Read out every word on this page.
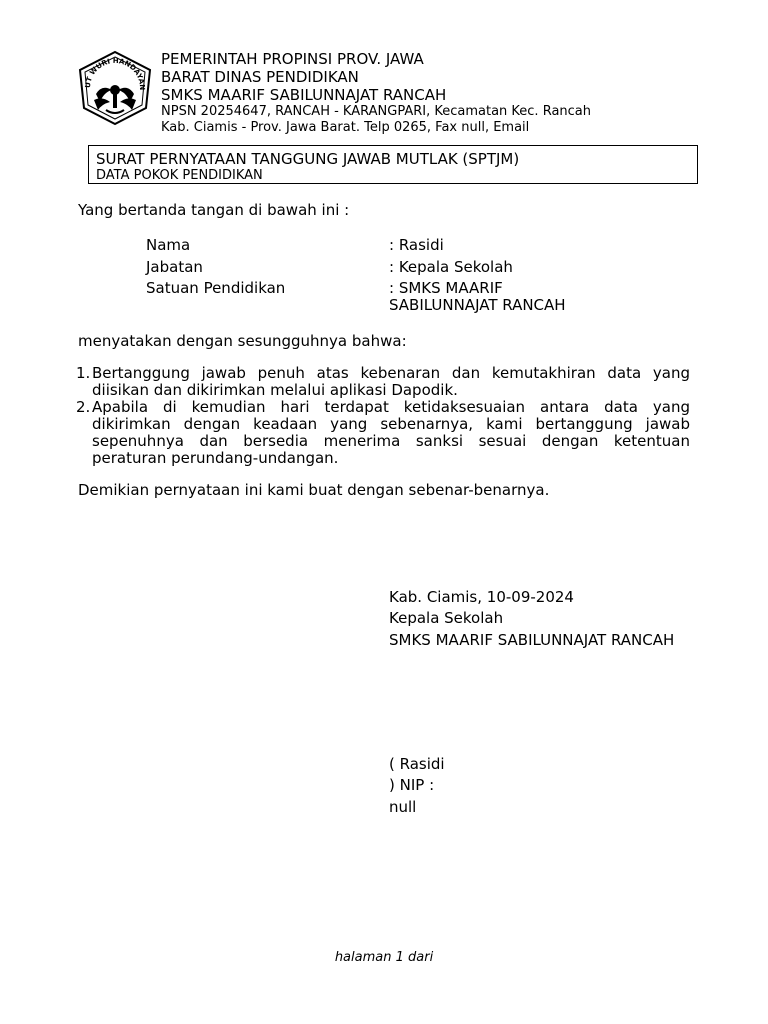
UT WURI HANDAYAN
PEMERINTAH PROPINSI PROV. JAWA
BARAT DINAS PENDIDIKAN
SMKS MAARIF SABILUNNAJAT RANCAH
NPSN 20254647, RANCAH - KARANGPARI, Kecamatan Kec. Rancah
Kab. Ciamis - Prov. Jawa Barat. Telp 0265, Fax null, Email
SURAT PERNYATAAN TANGGUNG JAWAB MUTLAK (SPTJM)
DATA POKOK PENDIDIKAN
Yang bertanda tangan di bawah ini :
Nama	: Rasidi
Jabatan	: Kepala Sekolah
Satuan Pendidikan	: SMKS MAARIF
SABILUNNAJAT RANCAH
menyatakan dengan sesungguhnya bahwa:
1. Bertanggung jawab penuh atas kebenaran dan kemutakhiran data yang diisikan dan dikirimkan melalui aplikasi Dapodik.
2. Apabila di kemudian hari terdapat ketidaksesuaian antara data yang dikirimkan dengan keadaan yang sebenarnya, kami bertanggung jawab sepenuhnya dan bersedia menerima sanksi sesuai dengan ketentuan peraturan perundang-undangan.
Demikian pernyataan ini kami buat dengan sebenar-benarnya.
Kab. Ciamis, 10-09-2024
Kepala Sekolah
SMKS MAARIF SABILUNNAJAT RANCAH
( Rasidi
) NIP :
null
halaman 1 dari
